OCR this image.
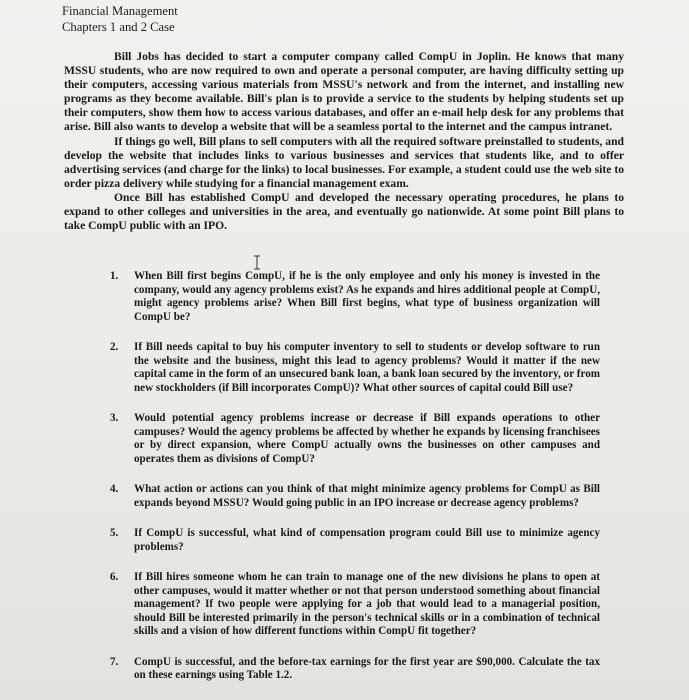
Financial Management
Chapters 1 and 2 Case

Bill Jobs has decided to start a computer company called CompU in Joplin. He knows that many MSSU students, who are now required to own and operate a personal computer, are having difficulty setting up their computers, accessing various materials from MSSU's network and from the internet, and installing new programs as they become available. Bill's plan is to provide a service to the students by helping students set up their computers, show them how to access various databases, and offer an e-mail help desk for any problems that arise. Bill also wants to develop a website that will be a seamless portal to the internet and the campus intranet.

If things go well, Bill plans to sell computers with all the required software preinstalled to students, and develop the website that includes links to various businesses and services that students like, and to offer advertising services (and charge for the links) to local businesses. For example, a student could use the web site to order pizza delivery while studying for a financial management exam.

Once Bill has established CompU and developed the necessary operating procedures, he plans to expand to other colleges and universities in the area, and eventually go nationwide. At some point Bill plans to take CompU public with an IPO.

1. When Bill first begins CompU, if he is the only employee and only his money is invested in the company, would any agency problems exist? As he expands and hires additional people at CompU, might agency problems arise? When Bill first begins, what type of business organization will CompU be?
2. If Bill needs capital to buy his computer inventory to sell to students or develop software to run the website and the business, might this lead to agency problems? Would it matter if the new capital came in the form of an unsecured bank loan, a bank loan secured by the inventory, or from new stockholders (if Bill incorporates CompU)? What other sources of capital could Bill use?
3. Would potential agency problems increase or decrease if Bill expands operations to other campuses? Would the agency problems be affected by whether he expands by licensing franchisees or by direct expansion, where CompU actually owns the businesses on other campuses and operates them as divisions of CompU?
4. What action or actions can you think of that might minimize agency problems for CompU as Bill expands beyond MSSU? Would going public in an IPO increase or decrease agency problems?
5. If CompU is successful, what kind of compensation program could Bill use to minimize agency problems?
6. If Bill hires someone whom he can train to manage one of the new divisions he plans to open at other campuses, would it matter whether or not that person understood something about financial management? If two people were applying for a job that would lead to a managerial position, should Bill be interested primarily in the person's technical skills or in a combination of technical skills and a vision of how different functions within CompU fit together?
7. CompU is successful, and the before-tax earnings for the first year are $90,000. Calculate the tax on these earnings using Table 1.2.
